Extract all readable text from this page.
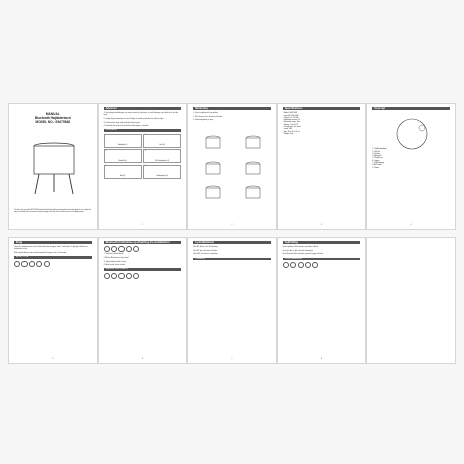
MANUAL
Bluetooth Højttalerbord
MODEL NO.: E4075548
The lamp for use with E4075548 Bluetooth højttalerbord. Are good quality long-lasting product of a simple but robust, carefully laid construction and packaging to be fully sure to deliver you an incredibly product.
Advarsel

1. Hvis adapteren/ledningen har været udsat for fugt/vand, så skal ledningen og stikket tørre helt før brug.

2. Undgå brug i nærheden af vand. Undgå at utsætte produktet for direkte sollys.

3. Lad ikke børn lege med produktet uden opsyn.

4. Kontroller før brug at de elektriske tilslutninger er korrekte.

Dele/indhold
1
Bordplade (x1)
2
Ben (x3)
3
Bordstel (x1)
4
AC Strømadapter (x1)
5
Bolt (x3)
6
Unbrakonøgle (x1)
1
Montering

1. Fjern bordpladen fra produktet.

2. Skru benene fast i bunden af bordet.

3. Sæt bordpladen på igen.

2
Specifications
Model: E4075548
Input: AC 100-240V
Output: DC 12V 2A
Bluetooth version: 5.0
Bluetooth range: 10m
Battery: Li-ion 3.7V
Charge time: 4-5 hours
Lamp: LED
Size: 40 x 40 x 55 cm
Weight: 9 kg
3
Oversigt
1. Tablet/opladning
2. LED lys
3. Volume
4. Bluetooth
5. Play/Pause
6. Lampe
7. USB udgang
8. AUX input
9. Strøm
4
Brug

Tænd for højttalerbordet ved at holde tænd/sluk knappen inde i 3 sekunder. Et lydsignal indikerer at højttaleren er klar.

Sluk højttalerbordet ved at holde tænd/sluk knappen inde i 3 sekunder.

BLUETOOTH
5
Bluetooth-forbindelse og afspilning fra mobiltelefon

1. Tænd for højttalerbordet.

2. Aktiver Bluetooth på din enhed.

3. Vælg højttalerbordet i listen.

4. Afspil musik fra din enhed.

Afspilning med USB/AUX
6
Lysindikationer

Blå LED blinker: klar til tilslutning.

Blå LED lyser konstant: tilsluttet.

Rød LED: lavt batteri / opladning.

Opladning
7
Fejlfinding

Hvis højttaleren ikke tænder, oplad den fuldt ud.

Hvis der ikke er lyd, kontroller lydstyrken.

Hvis Bluetooth ikke forbinder, genstart begge enheder.

Overensstemmelse
8
